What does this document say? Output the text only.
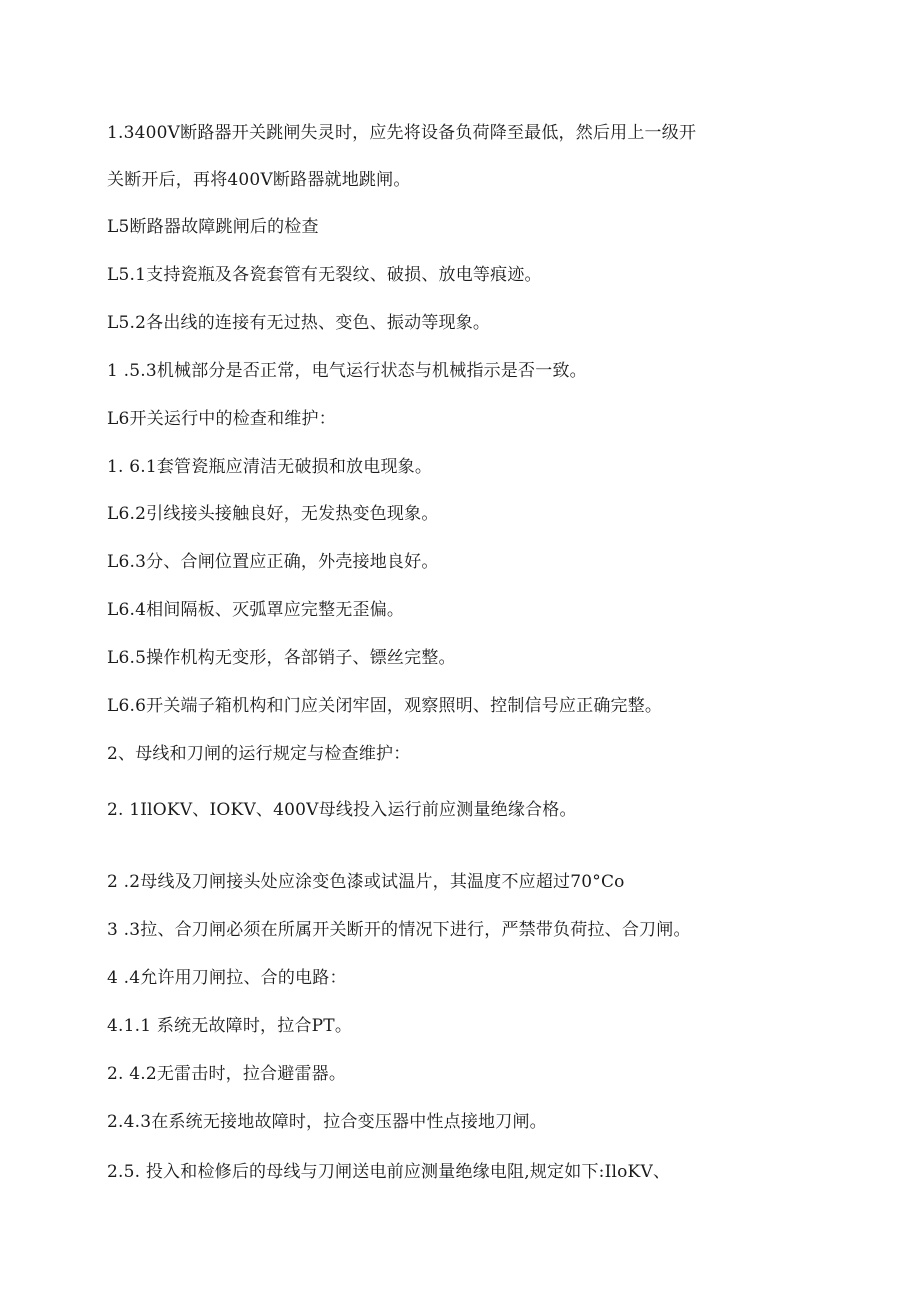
1.3400V断路器开关跳闸失灵时，应先将设备负荷降至最低，然后用上一级开
关断开后，再将400V断路器就地跳闸。
L5断路器故障跳闸后的检查
L5.1支持瓷瓶及各瓷套管有无裂纹、破损、放电等痕迹。
L5.2各出线的连接有无过热、变色、振动等现象。
1 .5.3机械部分是否正常，电气运行状态与机械指示是否一致。
L6开关运行中的检查和维护：
1. 6.1套管瓷瓶应清洁无破损和放电现象。
L6.2引线接头接触良好，无发热变色现象。
L6.3分、合闸位置应正确，外壳接地良好。
L6.4相间隔板、灭弧罩应完整无歪偏。
L6.5操作机构无变形，各部销子、镖丝完整。
L6.6开关端子箱机构和门应关闭牢固，观察照明、控制信号应正确完整。
2、母线和刀闸的运行规定与检查维护：
2. 1IlOKV、IOKV、400V母线投入运行前应测量绝缘合格。
2 .2母线及刀闸接头处应涂变色漆或试温片，其温度不应超过70°Co
3 .3拉、合刀闸必须在所属开关断开的情况下进行，严禁带负荷拉、合刀闸。
4 .4允许用刀闸拉、合的电路：
4.1.1 系统无故障时，拉合PT。
2. 4.2无雷击时，拉合避雷器。
2.4.3在系统无接地故障时，拉合变压器中性点接地刀闸。
2.5. 投入和检修后的母线与刀闸送电前应测量绝缘电阻,规定如下:IloKV、
